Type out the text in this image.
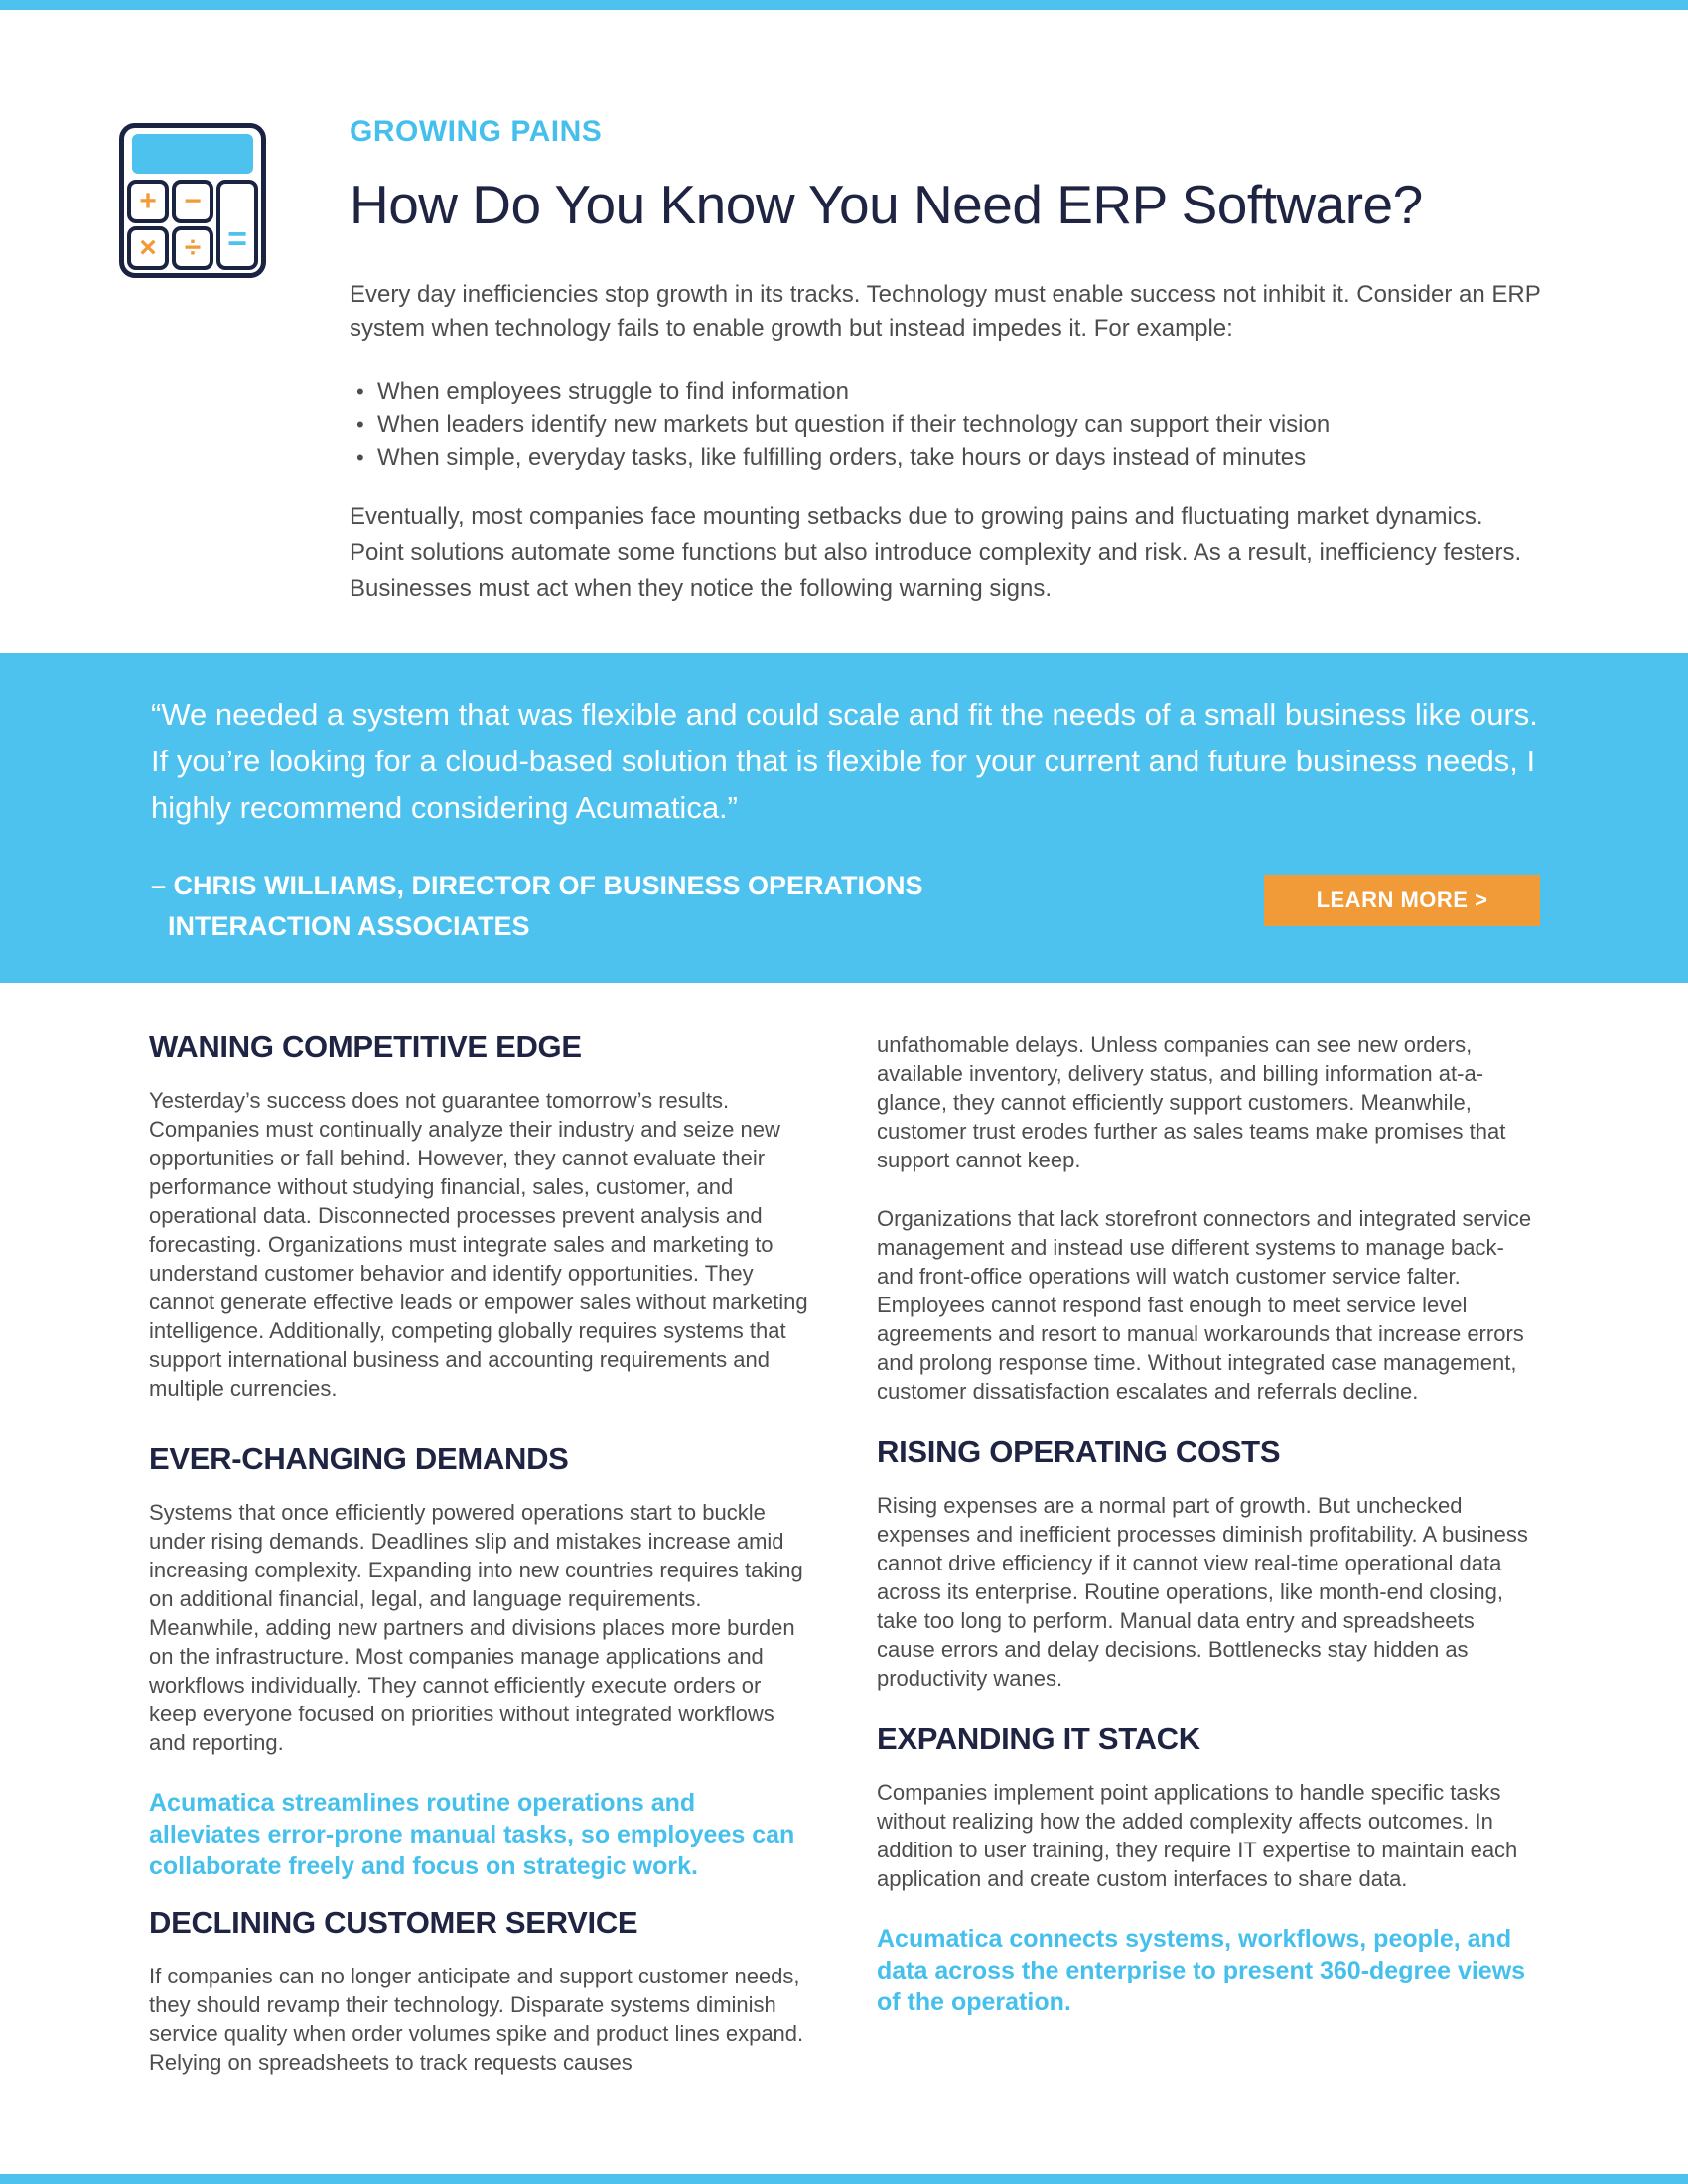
+ −
× ÷ =
GROWING PAINS
How Do You Know You Need ERP Software?

Every day inefficiencies stop growth in its tracks. Technology must enable success not inhibit it. Consider an ERP system when technology fails to enable growth but instead impedes it. For example:

• When employees struggle to find information
• When leaders identify new markets but question if their technology can support their vision
• When simple, everyday tasks, like fulfilling orders, take hours or days instead of minutes

Eventually, most companies face mounting setbacks due to growing pains and fluctuating market dynamics. Point solutions automate some functions but also introduce complexity and risk. As a result, inefficiency festers. Businesses must act when they notice the following warning signs.

“We needed a system that was flexible and could scale and fit the needs of a small business like ours. If you’re looking for a cloud-based solution that is flexible for your current and future business needs, I highly recommend considering Acumatica.”

– CHRIS WILLIAMS, DIRECTOR OF BUSINESS OPERATIONS
INTERACTION ASSOCIATES
LEARN MORE >
WANING COMPETITIVE EDGE

Yesterday’s success does not guarantee tomorrow’s results. Companies must continually analyze their industry and seize new opportunities or fall behind. However, they cannot evaluate their performance without studying financial, sales, customer, and operational data. Disconnected processes prevent analysis and forecasting. Organizations must integrate sales and marketing to understand customer behavior and identify opportunities. They cannot generate effective leads or empower sales without marketing intelligence. Additionally, competing globally requires systems that support international business and accounting requirements and multiple currencies.

EVER-CHANGING DEMANDS

Systems that once efficiently powered operations start to buckle under rising demands. Deadlines slip and mistakes increase amid increasing complexity. Expanding into new countries requires taking on additional financial, legal, and language requirements. Meanwhile, adding new partners and divisions places more burden on the infrastructure. Most companies manage applications and workflows individually. They cannot efficiently execute orders or keep everyone focused on priorities without integrated workflows and reporting.

Acumatica streamlines routine operations and alleviates error-prone manual tasks, so employees can collaborate freely and focus on strategic work.

DECLINING CUSTOMER SERVICE

If companies can no longer anticipate and support customer needs, they should revamp their technology. Disparate systems diminish service quality when order volumes spike and product lines expand. Relying on spreadsheets to track requests causes

unfathomable delays. Unless companies can see new orders, available inventory, delivery status, and billing information at-a-glance, they cannot efficiently support customers. Meanwhile, customer trust erodes further as sales teams make promises that support cannot keep.

Organizations that lack storefront connectors and integrated service management and instead use different systems to manage back- and front-office operations will watch customer service falter. Employees cannot respond fast enough to meet service level agreements and resort to manual workarounds that increase errors and prolong response time. Without integrated case management, customer dissatisfaction escalates and referrals decline.

RISING OPERATING COSTS

Rising expenses are a normal part of growth. But unchecked expenses and inefficient processes diminish profitability. A business cannot drive efficiency if it cannot view real-time operational data across its enterprise. Routine operations, like month-end closing, take too long to perform. Manual data entry and spreadsheets cause errors and delay decisions. Bottlenecks stay hidden as productivity wanes.

EXPANDING IT STACK

Companies implement point applications to handle specific tasks without realizing how the added complexity affects outcomes. In addition to user training, they require IT expertise to maintain each application and create custom interfaces to share data.

Acumatica connects systems, workflows, people, and data across the enterprise to present 360-degree views of the operation.
